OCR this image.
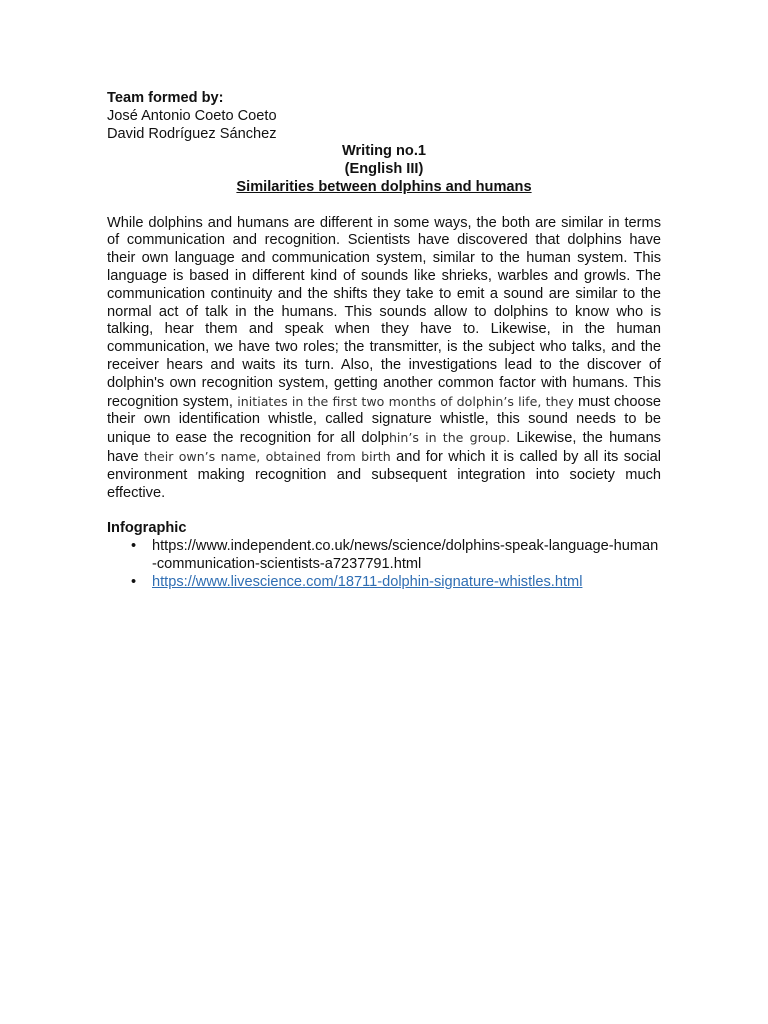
Team formed by:
José Antonio Coeto Coeto
David Rodríguez Sánchez
Writing no.1
(English III)
Similarities between dolphins and humans

While dolphins and humans are different in some ways, the both are similar in terms of communication and recognition. Scientists have discovered that dolphins have their own language and communication system, similar to the human system. This language is based in different kind of sounds like shrieks, warbles and growls. The communication continuity and the shifts they take to emit a sound are similar to the normal act of talk in the humans. This sounds allow to dolphins to know who is talking, hear them and speak when they have to. Likewise, in the human communication, we have two roles; the transmitter, is the subject who talks, and the receiver hears and waits its turn. Also, the investigations lead to the discover of dolphin's own recognition system, getting another common factor with humans. This recognition system, initiates in the first two months of dolphin’s life, they must choose their own identification whistle, called signature whistle, this sound needs to be unique to ease the recognition for all dolphin’s in the group. Likewise, the humans have their own’s name, obtained from birth and for which it is called by all its social environment making recognition and subsequent integration into society much effective.

Infographic
• https://www.independent.co.uk/news/science/dolphins-speak-language-human-communication-scientists-a7237791.html
• https://www.livescience.com/18711-dolphin-signature-whistles.html
